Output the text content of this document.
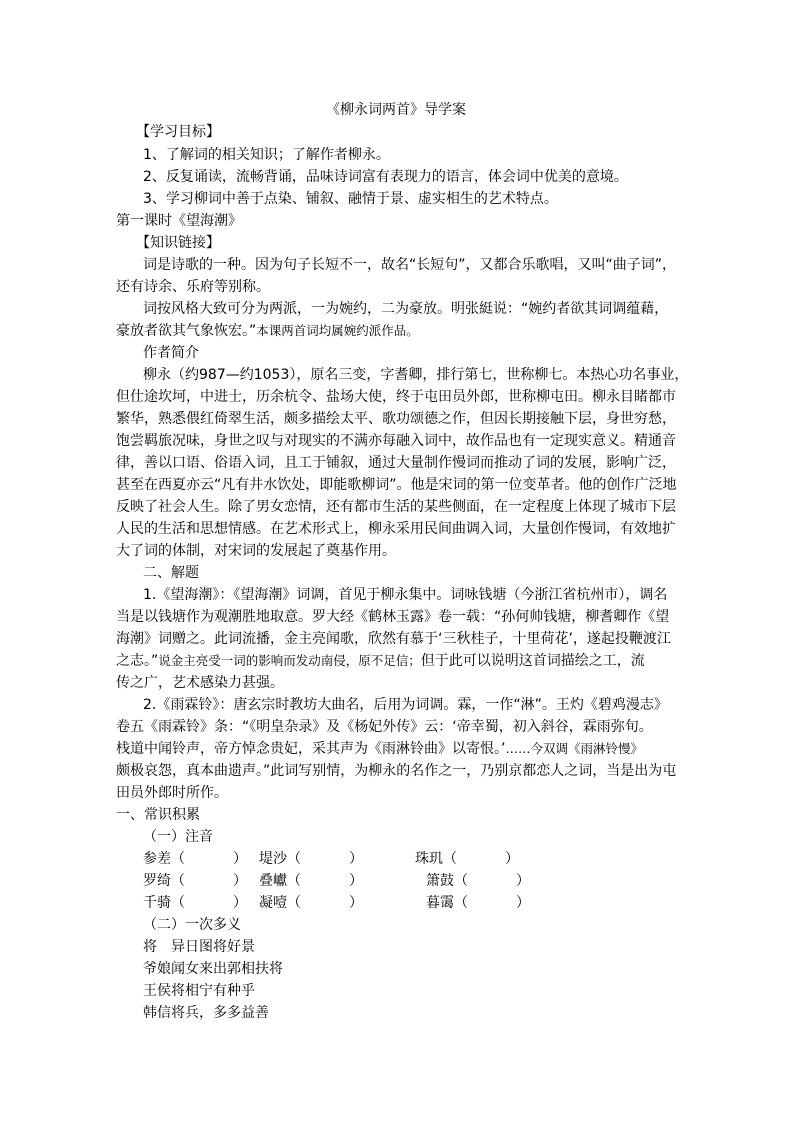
《柳永词两首》导学案
【学习目标】
1、了解词的相关知识；了解作者柳永。
2、反复诵读，流畅背诵，品味诗词富有表现力的语言，体会词中优美的意境。
3、学习柳词中善于点染、铺叙、融情于景、虚实相生的艺术特点。
第一课时《望海潮》
【知识链接】
词是诗歌的一种。因为句子长短不一，故名“长短句”，又都合乐歌唱，又叫“曲子词”，
还有诗余、乐府等别称。
词按风格大致可分为两派，一为婉约，二为豪放。明张綎说：“婉约者欲其词调蕴藉，
豪放者欲其气象恢宏。”本课两首词均属婉约派作品。
作者简介
柳永（约987—约1053），原名三变，字耆卿，排行第七，世称柳七。本热心功名事业，
但仕途坎坷，中进士，历余杭令、盐场大使，终于屯田员外郎，世称柳屯田。柳永目睹都市
繁华，熟悉偎红倚翠生活，颇多描绘太平、歌功颂德之作，但因长期接触下层，身世穷愁，
饱尝羁旅况味，身世之叹与对现实的不满亦每融入词中，故作品也有一定现实意义。精通音
律，善以口语、俗语入词，且工于铺叙，通过大量制作慢词而推动了词的发展，影响广泛，
甚至在西夏亦云“凡有井水饮处，即能歌柳词”。他是宋词的第一位变革者。他的创作广泛地
反映了社会人生。除了男女恋情，还有都市生活的某些侧面，在一定程度上体现了城市下层
人民的生活和思想情感。在艺术形式上，柳永采用民间曲调入词，大量创作慢词，有效地扩
大了词的体制，对宋词的发展起了奠基作用。
二、解题
1.《望海潮》：《望海潮》词调，首见于柳永集中。词咏钱塘（今浙江省杭州市），调名
当是以钱塘作为观潮胜地取意。罗大经《鹤林玉露》卷一载：“孙何帅钱塘，柳耆卿作《望
海潮》词赠之。此词流播，金主亮闻歌，欣然有慕于‘三秋桂子，十里荷花’，遂起投鞭渡江
之志。”说金主亮受一词的影响而发动南侵，原不足信；但于此可以说明这首词描绘之工，流
传之广，艺术感染力甚强。
2.《雨霖铃》：唐玄宗时教坊大曲名，后用为词调。霖，一作“淋”。王灼《碧鸡漫志》
卷五《雨霖铃》条：“《明皇杂录》及《杨妃外传》云：‘帝幸蜀，初入斜谷，霖雨弥旬。
栈道中闻铃声，帝方悼念贵妃，采其声为《雨淋铃曲》以寄恨。’……今双调《雨淋铃慢》
颇极哀怨，真本曲遗声。”此词写别情，为柳永的名作之一，乃别京都恋人之词，当是出为屯
田员外郎时所作。
一、常识积累
（一）注音
参差（	） 堤沙（	）	珠玑（	）
罗绮（	） 叠巘（	）	箫鼓（	）
千骑（	） 凝噎（	）	暮霭（	）
（二）一次多义
将 异日图将好景
爷娘闻女来出郭相扶将
王侯将相宁有种乎
韩信将兵，多多益善
